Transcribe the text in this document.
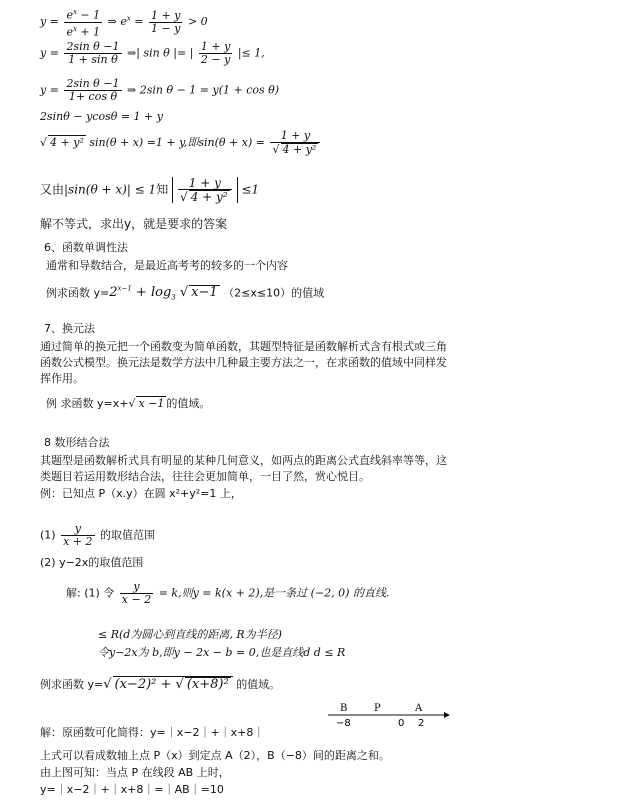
$y = \frac{e^x - 1}{e^x + 1}$ ⇒ $e^x = \frac{1 + y}{1 - y} > 0$
$y = \frac{\text{2sin θ −1}}{\text{1 + sin θ}}$ ⇒| sin θ |= | $\frac{1 + y}{2 - y}$ |≤ 1,
$y = \frac{\text{2sin θ −1}}{\text{1+ cos θ}}$ ⇒ 2sin θ − 1 = y(1 + cos θ)
2sinθ − ycosθ = 1 + y
√ 4 + y² sin(θ + x) =1 + y,即$\sin(\theta + x) = \frac{1 + y}{\text{√ 4 + y²}}$
又由|sin(θ + x)| ≤ 1知 $\frac{1 + y}{\text{√ 4 + y²}} \le 1$
解不等式，求出y，就是要求的答案
6、函数单调性法
通常和导数结合，是最近高考考的较多的一个内容
例求函数 $y=2^{x-1} + \log_3$ √ x−1 （2≤x≤10）的值域
7、换元法
通过简单的换元把一个函数变为简单函数，其题型特征是函数解析式含有根式或三角
函数公式模型。换元法是数学方法中几种最主要方法之一，在求函数的值域中同样发
挥作用。
例 求函数 y=x+√ x −1 的值域。
8 数形结合法
其题型是函数解析式具有明显的某种几何意义，如两点的距离公式直线斜率等等，这
类题目若运用数形结合法，往往会更加简单，一目了然，赏心悦目。
例：已知点 P（x.y）在圆 x²+y²=1 上，
$(1) \frac{y}{x + 2}$ 的取值范围
(2) y−2x的取值范围
解: (1) 令 $\frac{y}{x - 2} = k$,则y = k(x + 2),是一条过 (−2, 0) 的直线.
≤ R(d为圆心到直线的距离, R为半径)
令y−2x为 b,即y − 2x − b = 0,也是直线d d ≤ R
例求函数 y=√ (x−2)² + √ (x+8)² 的值域。
B	P	A
−8	0 2
解：原函数可化简得：y=｜x−2｜+｜x+8｜
上式可以看成数轴上点 P（x）到定点 A（2），B（−8）间的距离之和。
由上图可知：当点 P 在线段 AB 上时，
y=｜x−2｜+｜x+8｜=｜AB｜=10
